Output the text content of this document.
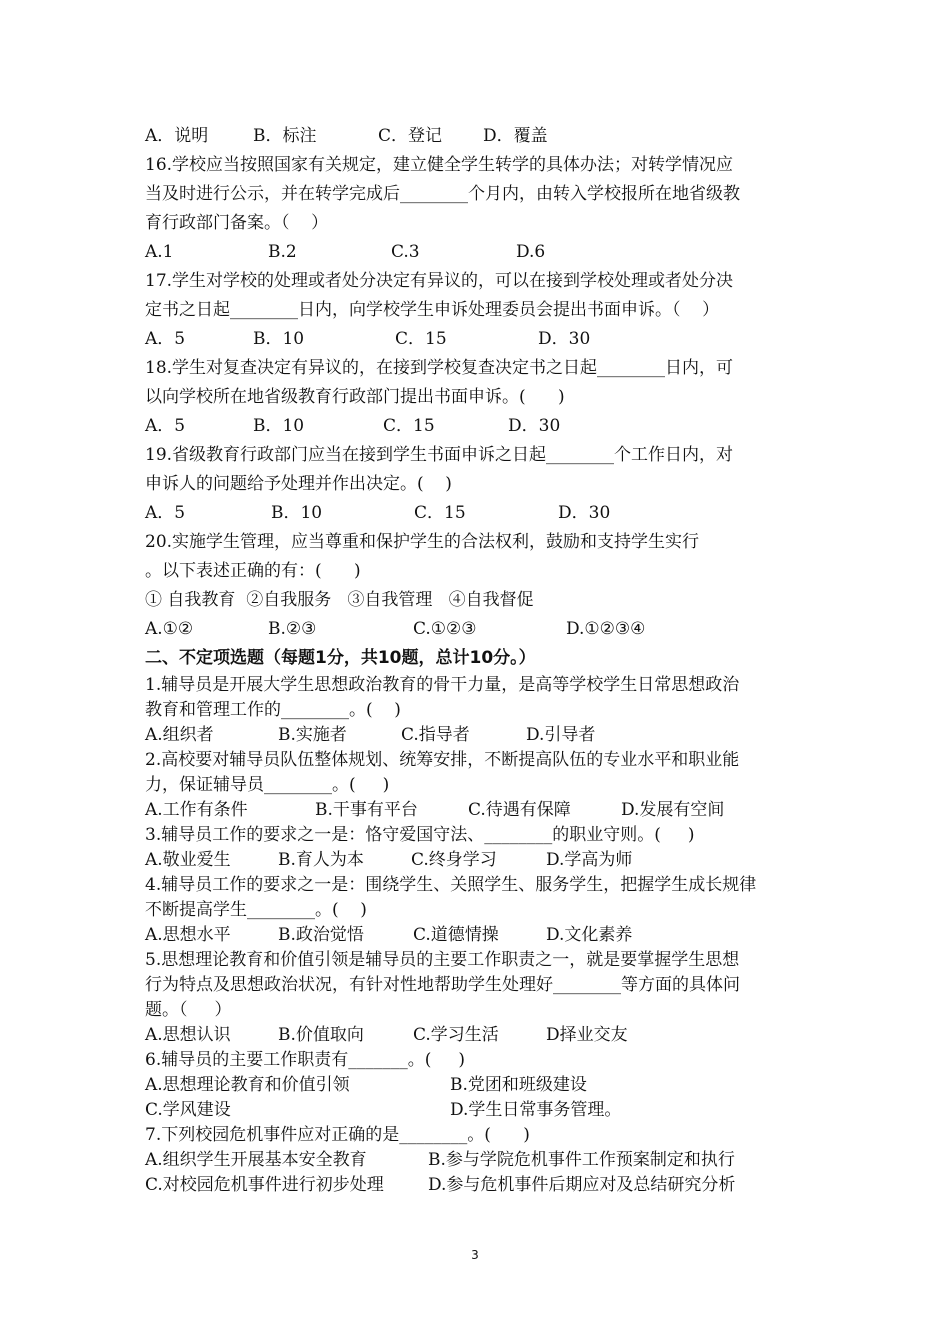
A．说明	B．标注	C．登记	D．覆盖
16.学校应当按照国家有关规定，建立健全学生转学的具体办法；对转学情况应
当及时进行公示，并在转学完成后________个月内，由转入学校报所在地省级教
育行政部门备案。（    ）
A.1	B.2	C.3	D.6
17.学生对学校的处理或者处分决定有异议的，可以在接到学校处理或者处分决
定书之日起________日内，向学校学生申诉处理委员会提出书面申诉。（    ）
A．5	B．10	C．15	D．30
18.学生对复查决定有异议的，在接到学校复查决定书之日起________日内，可
以向学校所在地省级教育行政部门提出书面申诉。(      )
A．5	B．10	C．15	D．30
19.省级教育行政部门应当在接到学生书面申诉之日起________个工作日内，对
申诉人的问题给予处理并作出决定。(    )
A．5	B．10	C．15	D．30
20.实施学生管理，应当尊重和保护学生的合法权利，鼓励和支持学生实行
。以下表述正确的有：(      )
① 自我教育  ②自我服务   ③自我管理   ④自我督促
A.①②	B.②③	C.①②③	D.①②③④
二、不定项选题（每题1分，共10题，总计10分。）
1.辅导员是开展大学生思想政治教育的骨干力量，是高等学校学生日常思想政治
教育和管理工作的________。(    )
A.组织者	B.实施者	C.指导者	D.引导者
2.高校要对辅导员队伍整体规划、统筹安排，不断提高队伍的专业水平和职业能
力，保证辅导员________。(     )
A.工作有条件	B.干事有平台	C.待遇有保障	D.发展有空间
3.辅导员工作的要求之一是：恪守爱国守法、________的职业守则。(     )
A.敬业爱生	B.育人为本	C.终身学习	D.学高为师
4.辅导员工作的要求之一是：围绕学生、关照学生、服务学生，把握学生成长规律
不断提高学生________。(    )
A.思想水平	B.政治觉悟	C.道德情操	D.文化素养
5.思想理论教育和价值引领是辅导员的主要工作职责之一，就是要掌握学生思想
行为特点及思想政治状况，有针对性地帮助学生处理好________等方面的具体问
题。（     ）
A.思想认识	B.价值取向	C.学习生活	D择业交友
6.辅导员的主要工作职责有_______。(     )
A.思想理论教育和价值引领	B.党团和班级建设
C.学风建设	D.学生日常事务管理。
7.下列校园危机事件应对正确的是________。(      )
A.组织学生开展基本安全教育	B.参与学院危机事件工作预案制定和执行
C.对校园危机事件进行初步处理	D.参与危机事件后期应对及总结研究分析
3
